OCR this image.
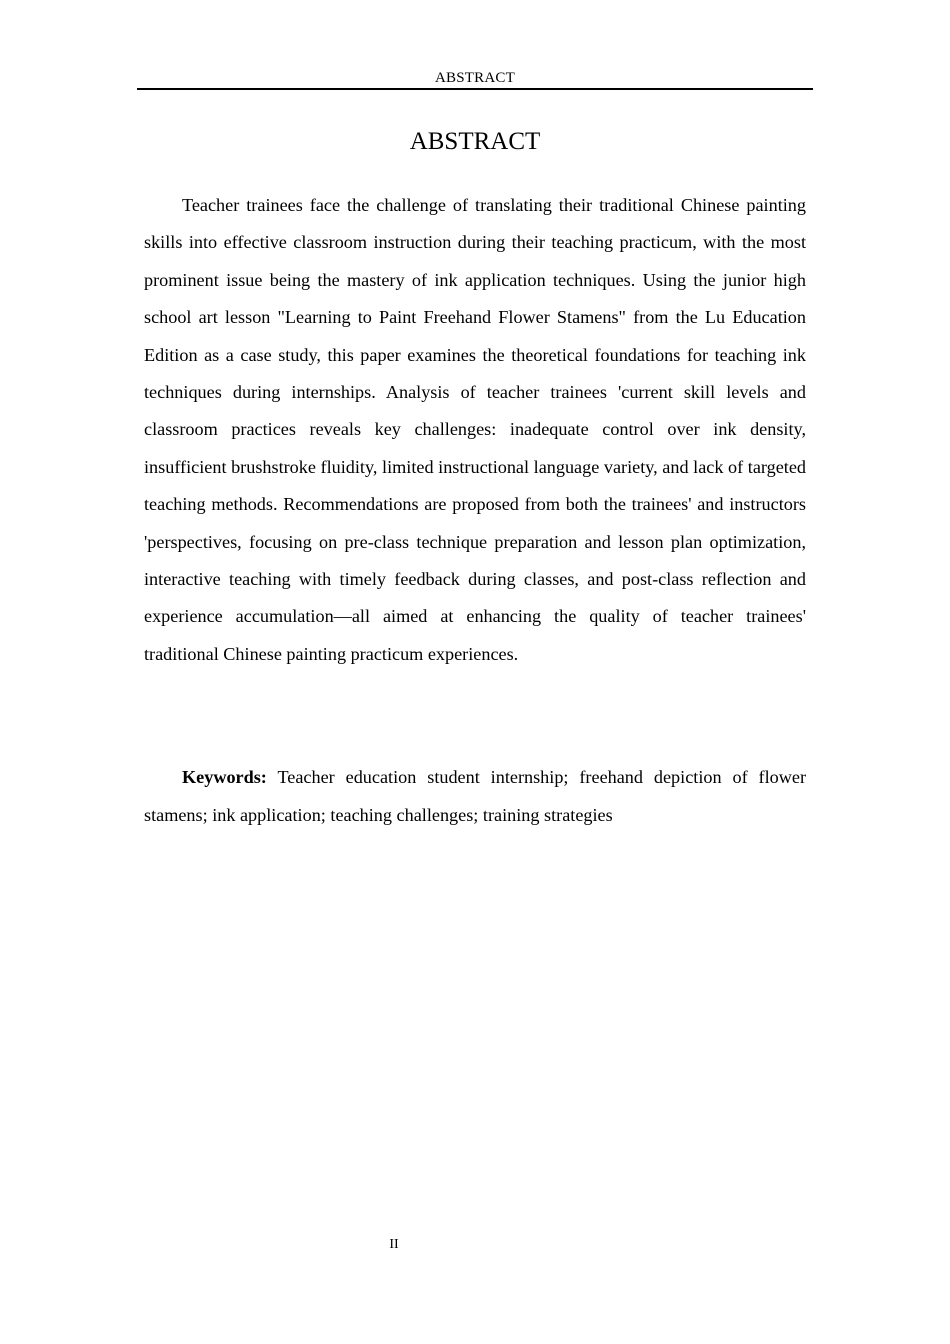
ABSTRACT
ABSTRACT

Teacher trainees face the challenge of translating their traditional Chinese painting skills into effective classroom instruction during their teaching practicum, with the most prominent issue being the mastery of ink application techniques. Using the junior high school art lesson "Learning to Paint Freehand Flower Stamens" from the Lu Education Edition as a case study, this paper examines the theoretical foundations for teaching ink techniques during internships. Analysis of teacher trainees 'current skill levels and classroom practices reveals key challenges: inadequate control over ink density, insufficient brushstroke fluidity, limited instructional language variety, and lack of targeted teaching methods. Recommendations are proposed from both the trainees' and instructors 'perspectives, focusing on pre-class technique preparation and lesson plan optimization, interactive teaching with timely feedback during classes, and post-class reflection and experience accumulation—all aimed at enhancing the quality of teacher trainees' traditional Chinese painting practicum experiences.

Keywords: Teacher education student internship; freehand depiction of flower stamens; ink application; teaching challenges; training strategies

II
